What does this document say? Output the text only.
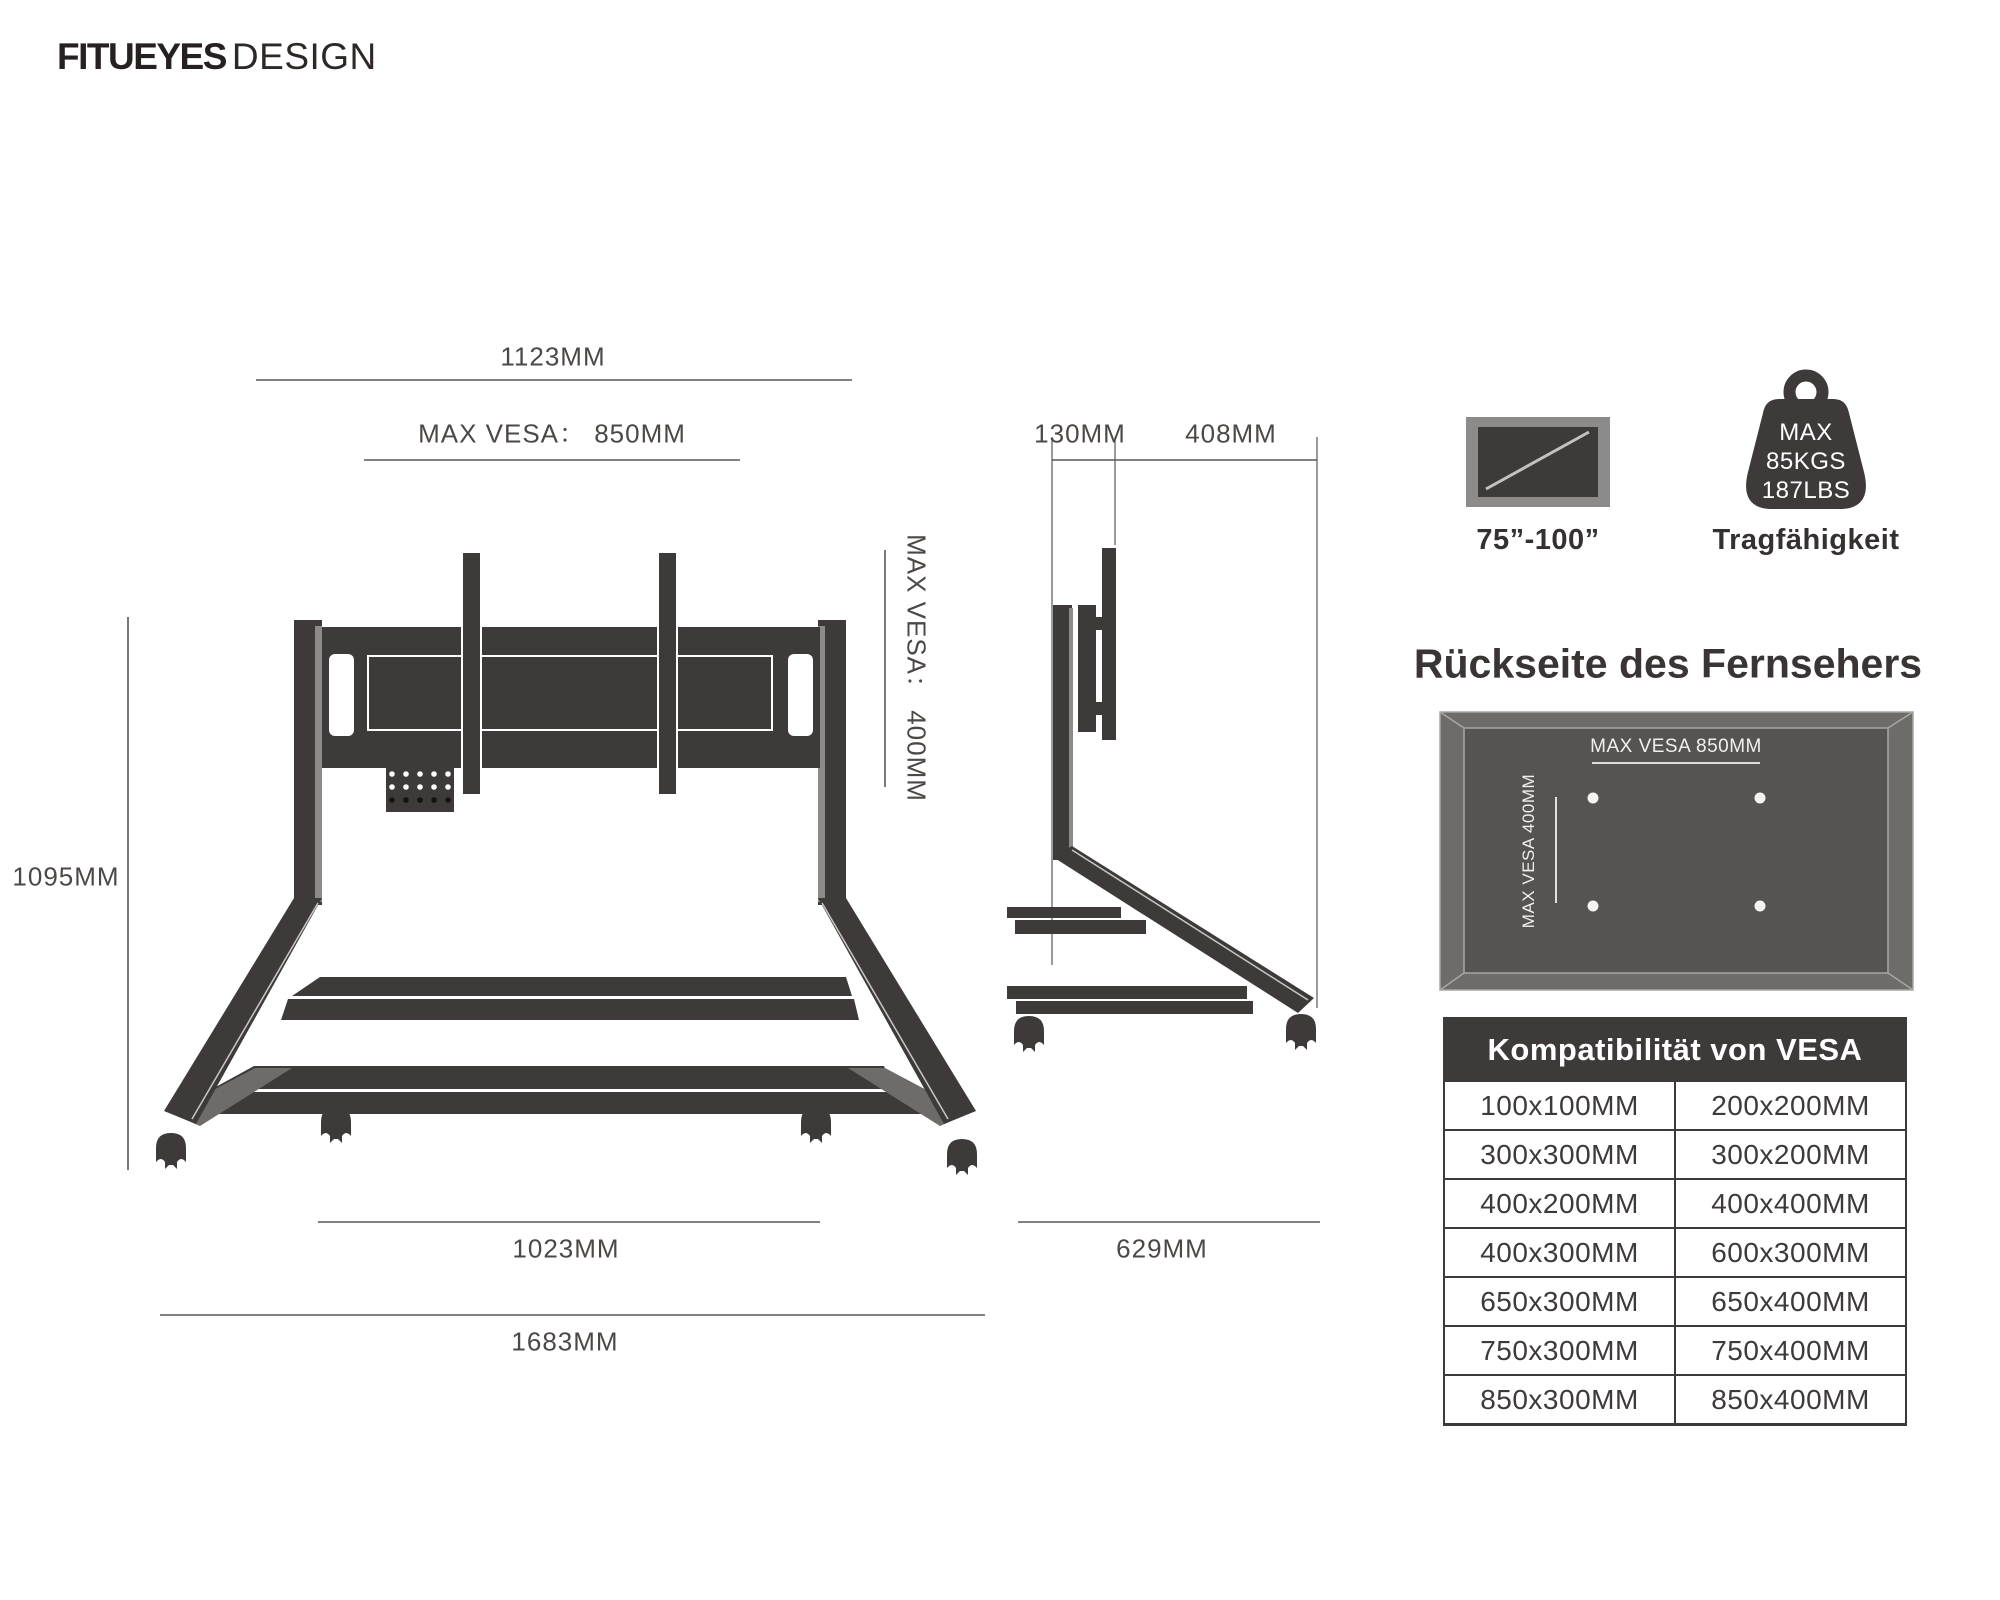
FITUEYES DESIGN
1123MM
MAX VESA： 850MM
1095MM
MAX VESA： 400MM
1023MM
1683MM
130MM 408MM
629MM
75”-100”	Tragfähigkeit
MAX
85KGS
187LBS
Rückseite des Fernsehers
MAX VESA 850MM
MAX VESA 400MM
Kompatibilität von VESA
100x100MM	200x200MM
300x300MM	300x200MM
400x200MM	400x400MM
400x300MM	600x300MM
650x300MM	650x400MM
750x300MM	750x400MM
850x300MM	850x400MM
